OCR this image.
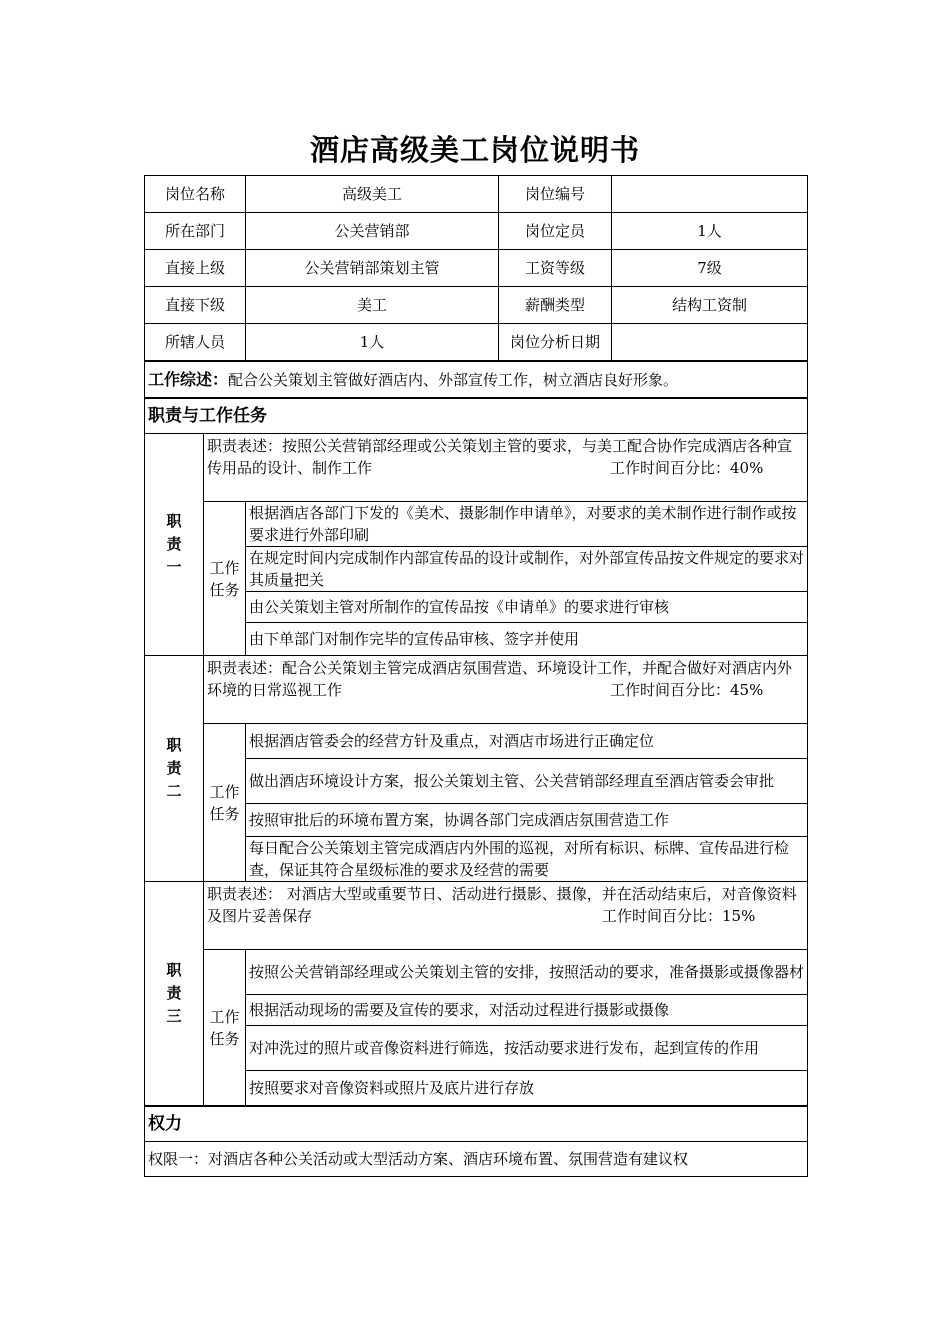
酒店高级美工岗位说明书
岗位名称		高级美工	岗位编号	
所在部门		公关营销部	岗位定员	1人
直接上级		公关营销部策划主管	工资等级	7级
直接下级		美工	薪酬类型	结构工资制
所辖人员		1人	岗位分析日期	
工作综述：配合公关策划主管做好酒店内、外部宣传工作，树立酒店良好形象。				
职责与工作任务				
职责一	职责表述：按照公关营销部经理或公关策划主管的要求，与美工配合协作完成酒店各种宣传用品的设计、制作工作 工作时间百分比：40%			
	工作任务	根据酒店各部门下发的《美术、摄影制作申请单》，对要求的美术制作进行制作或按要求进行外部印刷		
		在规定时间内完成制作内部宣传品的设计或制作，对外部宣传品按文件规定的要求对其质量把关		
		由公关策划主管对所制作的宣传品按《申请单》的要求进行审核		
		由下单部门对制作完毕的宣传品审核、签字并使用		
职责二	职责表述：配合公关策划主管完成酒店氛围营造、环境设计工作，并配合做好对酒店内外环境的日常巡视工作 工作时间百分比：45%			
	工作任务	根据酒店管委会的经营方针及重点，对酒店市场进行正确定位		
		做出酒店环境设计方案，报公关策划主管、公关营销部经理直至酒店管委会审批		
		按照审批后的环境布置方案，协调各部门完成酒店氛围营造工作		
		每日配合公关策划主管完成酒店内外围的巡视，对所有标识、标牌、宣传品进行检查，保证其符合星级标准的要求及经营的需要		
职责三	职责表述： 对酒店大型或重要节日、活动进行摄影、摄像，并在活动结束后，对音像资料及图片妥善保存 工作时间百分比：15%			
	工作任务	按照公关营销部经理或公关策划主管的安排，按照活动的要求，准备摄影或摄像器材		
		根据活动现场的需要及宣传的要求，对活动过程进行摄影或摄像		
		对冲洗过的照片或音像资料进行筛选，按活动要求进行发布，起到宣传的作用		
		按照要求对音像资料或照片及底片进行存放		
权力				
权限一：对酒店各种公关活动或大型活动方案、酒店环境布置、氛围营造有建议权				
